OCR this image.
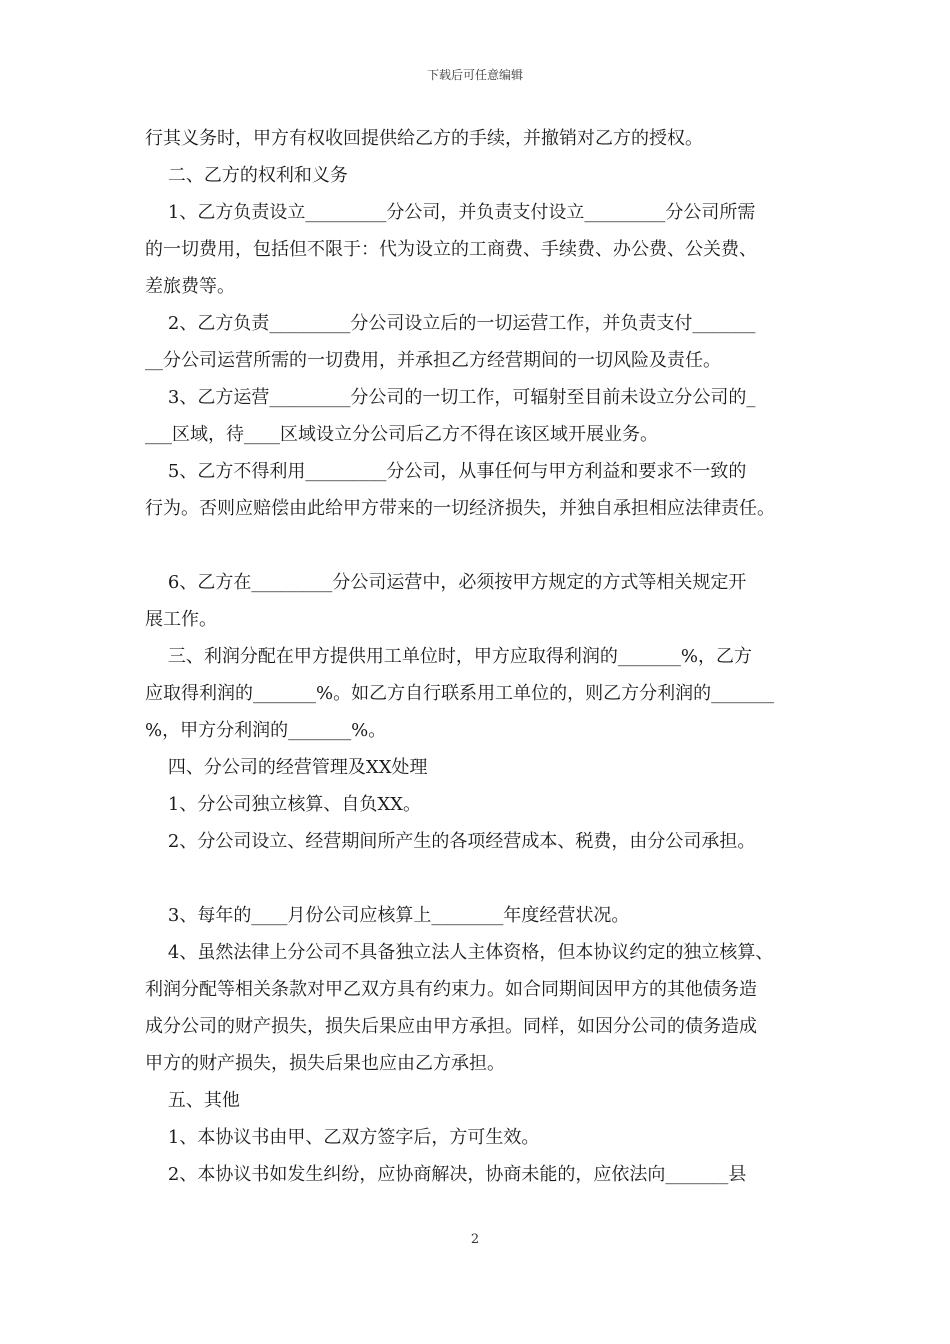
下载后可任意编辑
行其义务时，甲方有权收回提供给乙方的手续，并撤销对乙方的授权。
二、乙方的权利和义务
1、乙方负责设立_________分公司，并负责支付设立_________分公司所需
的一切费用，包括但不限于：代为设立的工商费、手续费、办公费、公关费、
差旅费等。
2、乙方负责_________分公司设立后的一切运营工作，并负责支付_______
__分公司运营所需的一切费用，并承担乙方经营期间的一切风险及责任。
3、乙方运营_________分公司的一切工作，可辐射至目前未设立分公司的_
___区域，待____区域设立分公司后乙方不得在该区域开展业务。
5、乙方不得利用_________分公司，从事任何与甲方利益和要求不一致的
行为。否则应赔偿由此给甲方带来的一切经济损失，并独自承担相应法律责任。
6、乙方在_________分公司运营中，必须按甲方规定的方式等相关规定开
展工作。
三、利润分配在甲方提供用工单位时，甲方应取得利润的_______%，乙方
应取得利润的_______%。如乙方自行联系用工单位的，则乙方分利润的_______
%，甲方分利润的_______%。
四、分公司的经营管理及XX处理
1、分公司独立核算、自负XX。
2、分公司设立、经营期间所产生的各项经营成本、税费，由分公司承担。
3、每年的____月份公司应核算上________年度经营状况。
4、虽然法律上分公司不具备独立法人主体资格，但本协议约定的独立核算、
利润分配等相关条款对甲乙双方具有约束力。如合同期间因甲方的其他债务造
成分公司的财产损失，损失后果应由甲方承担。同样，如因分公司的债务造成
甲方的财产损失，损失后果也应由乙方承担。
五、其他
1、本协议书由甲、乙双方签字后，方可生效。
2、本协议书如发生纠纷，应协商解决，协商未能的，应依法向_______县
2
